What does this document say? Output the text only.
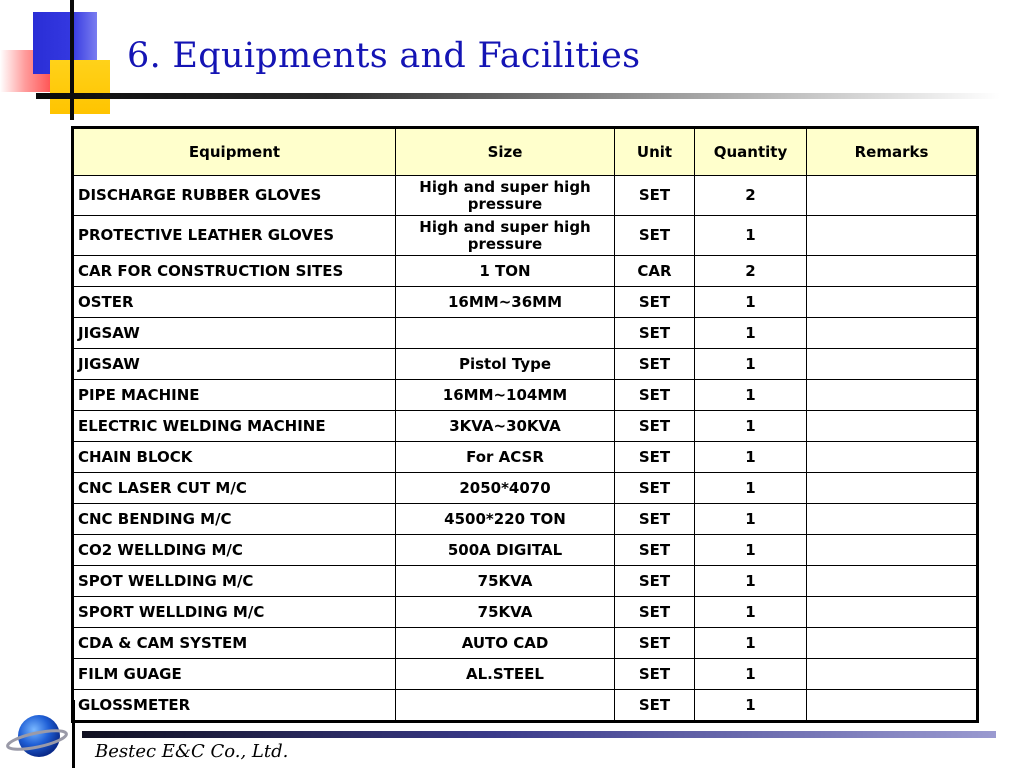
6. Equipments and Facilities
Equipment	Size	Unit	Quantity	Remarks
DISCHARGE RUBBER GLOVES	High and super high pressure	SET	2	
PROTECTIVE LEATHER GLOVES	High and super high pressure	SET	1	
CAR FOR CONSTRUCTION SITES	1 TON	CAR	2	
OSTER	16MM~36MM	SET	1	
JIGSAW		SET	1	
JIGSAW	Pistol Type	SET	1	
PIPE MACHINE	16MM~104MM	SET	1	
ELECTRIC WELDING MACHINE	3KVA~30KVA	SET	1	
CHAIN BLOCK	For ACSR	SET	1	
CNC LASER CUT M/C	2050*4070	SET	1	
CNC BENDING M/C	4500*220 TON	SET	1	
CO2 WELLDING M/C	500A DIGITAL	SET	1	
SPOT WELLDING M/C	75KVA	SET	1	
SPORT WELLDING M/C	75KVA	SET	1	
CDA & CAM SYSTEM	AUTO CAD	SET	1	
FILM GUAGE	AL.STEEL	SET	1	
GLOSSMETER		SET	1	
Bestec E&C Co., Ltd.
